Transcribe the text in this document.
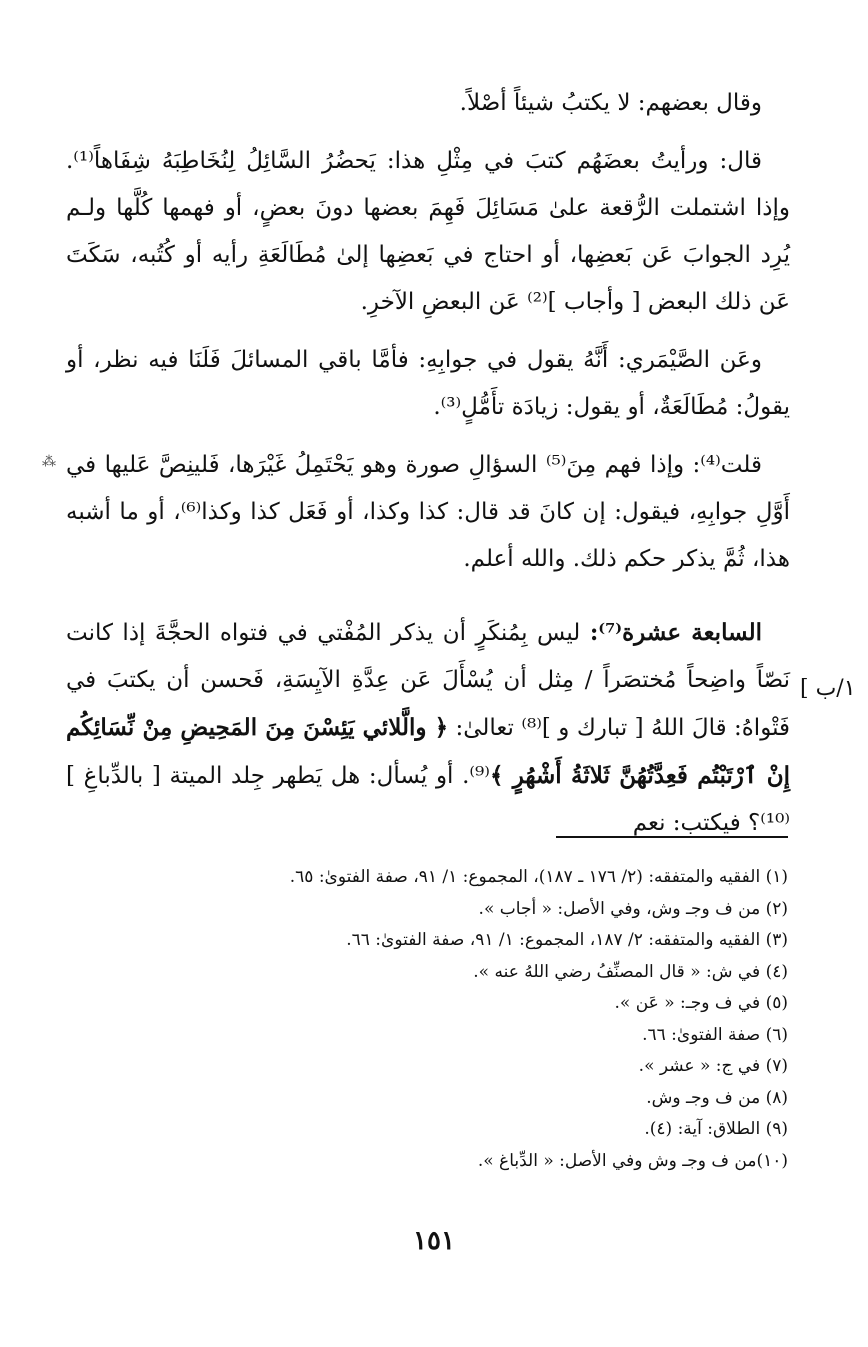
وقال بعضهم: لا يكتبُ شيئاً أصْلاً.

قال: ورأيتُ بعضَهُم كتبَ في مِثْلِ هذا: يَحضُرُ السَّائِلُ لِنُخَاطِبَهُ شِفَاهاً⁽¹⁾. وإذا اشتملت الرُّقعة علىٰ مَسَائِلَ فَهِمَ بعضها دونَ بعضٍ، أو فهمها كُلَّها ولـم يُرِد الجوابَ عَن بَعضِها، أو احتاج في بَعضِها إلىٰ مُطَالَعَةِ رأيه أو كُتُبه، سَكَتَ عَن ذلك البعض [ وأجاب ]⁽²⁾ عَن البعضِ الآخرِ.

وعَن الصَّيْمَري: أَنَّهُ يقول في جوابِهِ: فأمَّا باقي المسائلَ فَلَنَا فيه نظر، أو يقولُ: مُطَالَعَةٌ، أو يقول: زيادَة تأَمُّلٍ⁽³⁾.

قلت⁽⁴⁾: وإذا فهم مِنَ⁽⁵⁾ السؤالِ صورة وهو يَحْتَمِلُ غَيْرَها، فَلينِصَّ عَليها في أَوَّلِ جوابِهِ، فيقول: إن كانَ قد قال: كذا وكذا، أو فَعَل كذا وكذا⁽⁶⁾، أو ما أشبه هذا، ثُمَّ يذكر حكم ذلك. والله أعلم.

السابعة عشرة⁽⁷⁾: ليس بِمُنكَرٍ أن يذكر المُفْتي في فتواه الحجَّةَ إذا كانت نَصّاً واضِحاً مُختصَراً / مِثل أن يُسْأَلَ عَن عِدَّةِ الآيِسَةِ، فَحسن أن يكتبَ في فَتْواهُ: قالَ اللهُ [ تبارك و ]⁽⁸⁾ تعالىٰ: ﴿ والَّلائي يَئِسْنَ مِنَ المَحِيضِ مِنْ نِّسَائِكُم إِنْ ٱرْتَبْتُم فَعِدَّتُهُنَّ ثَلاثَةُ أَشْهُرٍ ﴾⁽⁹⁾. أو يُسأل: هل يَطهر جِلد الميتة [ بالدِّباغِ ]⁽¹⁰⁾؟ فيكتب: نعم

١/ب ]
⁂
(١) الفقيه والمتفقه: (٢/ ١٧٦ ـ ١٨٧)، المجموع: ١/ ٩١، صفة الفتوىٰ: ٦٥.
(٢) من ف وجـ وش، وفي الأصل: « أجاب ».
(٣) الفقيه والمتفقه: ٢/ ١٨٧، المجموع: ١/ ٩١، صفة الفتوىٰ: ٦٦.
(٤) في ش: « قال المصنِّفُ رضي اللهُ عنه ».
(٥) في ف وجـ: « عَن ».
(٦) صفة الفتوىٰ: ٦٦.
(٧) في ج: « عشر ».
(٨) من ف وجـ وش.
(٩) الطلاق: آية: (٤).
(١٠)من ف وجـ وش وفي الأصل: « الدِّباغ ».
١٥١
